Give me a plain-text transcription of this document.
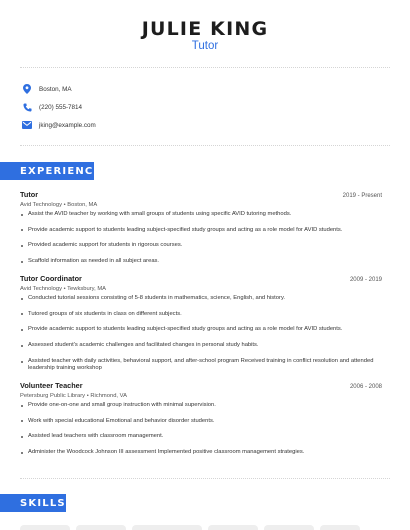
JULIE KING
Tutor
Boston, MA
(220) 555-7814
jking@example.com
EXPERIENCE
Tutor	2019 - Present
Avid Technology • Boston, MA
Assist the AVID teacher by working with small groups of students using specific AVID tutoring methods.
Provide academic support to students leading subject-specified study groups and acting as a role model for AVID students.
Provided academic support for students in rigorous courses.
Scaffold information as needed in all subject areas.
Tutor Coordinator	2009 - 2019
Avid Technology • Tewksbury, MA
Conducted tutorial sessions consisting of 5-8 students in mathematics, science, English, and history.
Tutored groups of six students in class on different subjects.
Provide academic support to students leading subject-specified study groups and acting as a role model for AVID students.
Assessed student's academic challenges and facilitated changes in personal study habits.
Assisted teacher with daily activities, behavioral support, and after-school program Received training in conflict resolution and attended leadership training workshop
Volunteer Teacher	2006 - 2008
Petersburg Public Library • Richmond, VA
Provide one-on-one and small group instruction with minimal supervision.
Work with special educational Emotional and behavior disorder students.
Assisted lead teachers with classroom management.
Administer the Woodcock Johnson III assessment Implemented positive classroom management strategies.
SKILLS
